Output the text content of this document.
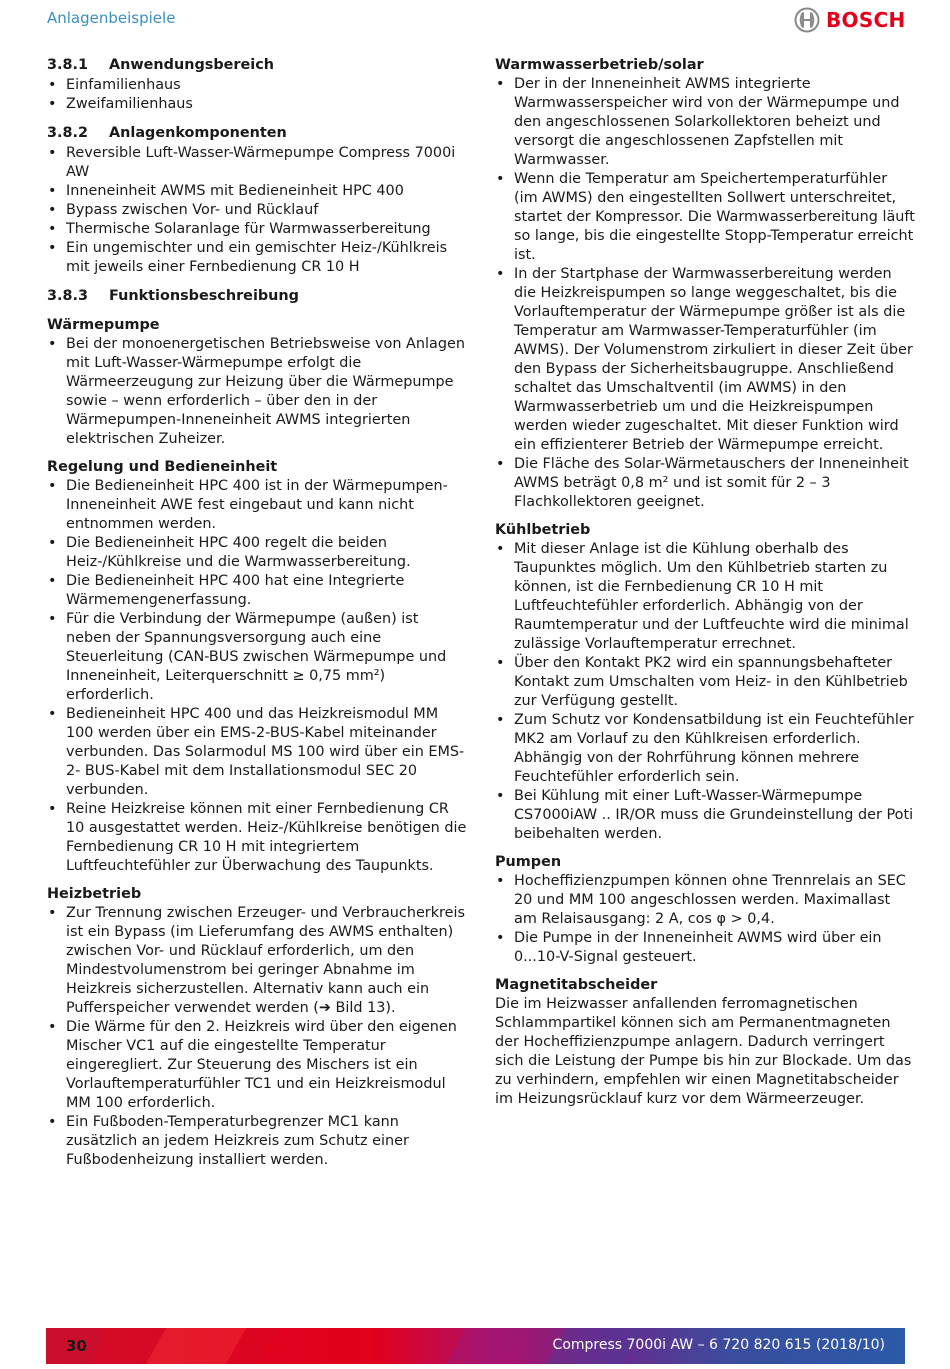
Anlagenbeispiele	BOSCH
3.8.1	Anwendungsbereich
• Einfamilienhaus
• Zweifamilienhaus
3.8.2	Anlagenkomponenten
• Reversible Luft-Wasser-Wärmepumpe Compress 7000i AW
• Inneneinheit AWMS mit Bedieneinheit HPC 400
• Bypass zwischen Vor- und Rücklauf
• Thermische Solaranlage für Warmwasserbereitung
• Ein ungemischter und ein gemischter Heiz-/Kühlkreis mit jeweils einer Fernbedienung CR 10 H
3.8.3	Funktionsbeschreibung

Wärmepumpe

• Bei der monoenergetischen Betriebsweise von Anlagen mit Luft-Wasser-Wärmepumpe erfolgt die Wärmeerzeugung zur Heizung über die Wärmepumpe sowie – wenn erforderlich – über den in der Wärmepumpen-Inneneinheit AWMS integrierten elektrischen Zuheizer.

Regelung und Bedieneinheit

• Die Bedieneinheit HPC 400 ist in der Wärmepumpen-Inneneinheit AWE fest eingebaut und kann nicht entnommen werden.
• Die Bedieneinheit HPC 400 regelt die beiden Heiz-/Kühlkreise und die Warmwasserbereitung.
• Die Bedieneinheit HPC 400 hat eine Integrierte Wärmemengenerfassung.
• Für die Verbindung der Wärmepumpe (außen) ist neben der Spannungsversorgung auch eine Steuerleitung (CAN-BUS zwischen Wärmepumpe und Inneneinheit, Leiterquerschnitt ≥ 0,75 mm²) erforderlich.
• Bedieneinheit HPC 400 und das Heizkreismodul MM 100 werden über ein EMS-2-BUS-Kabel miteinander verbunden. Das Solarmodul MS 100 wird über ein EMS-2- BUS-Kabel mit dem Installationsmodul SEC 20 verbunden.
• Reine Heizkreise können mit einer Fernbedienung CR 10 ausgestattet werden. Heiz-/Kühlkreise benötigen die Fernbedienung CR 10 H mit integriertem Luftfeuchtefühler zur Überwachung des Taupunkts.

Heizbetrieb

• Zur Trennung zwischen Erzeuger- und Verbraucherkreis ist ein Bypass (im Lieferumfang des AWMS enthalten) zwischen Vor- und Rücklauf erforderlich, um den Mindestvolumenstrom bei geringer Abnahme im Heizkreis sicherzustellen. Alternativ kann auch ein Pufferspeicher verwendet werden (➔ Bild 13).
• Die Wärme für den 2. Heizkreis wird über den eigenen Mischer VC1 auf die eingestellte Temperatur eingeregliert. Zur Steuerung des Mischers ist ein Vorlauftemperaturfühler TC1 und ein Heizkreismodul MM 100 erforderlich.
• Ein Fußboden-Temperaturbegrenzer MC1 kann zusätzlich an jedem Heizkreis zum Schutz einer Fußbodenheizung installiert werden.

Warmwasserbetrieb/solar

• Der in der Inneneinheit AWMS integrierte Warmwasserspeicher wird von der Wärmepumpe und den angeschlossenen Solarkollektoren beheizt und versorgt die angeschlossenen Zapfstellen mit Warmwasser.
• Wenn die Temperatur am Speichertemperaturfühler (im AWMS) den eingestellten Sollwert unterschreitet, startet der Kompressor. Die Warmwasserbereitung läuft so lange, bis die eingestellte Stopp-Temperatur erreicht ist.
• In der Startphase der Warmwasserbereitung werden die Heizkreispumpen so lange weggeschaltet, bis die Vorlauftemperatur der Wärmepumpe größer ist als die Temperatur am Warmwasser-Temperaturfühler (im AWMS). Der Volumenstrom zirkuliert in dieser Zeit über den Bypass der Sicherheitsbaugruppe. Anschließend schaltet das Umschaltventil (im AWMS) in den Warmwasserbetrieb um und die Heizkreispumpen werden wieder zugeschaltet. Mit dieser Funktion wird ein effizienterer Betrieb der Wärmepumpe erreicht.
• Die Fläche des Solar-Wärmetauschers der Inneneinheit AWMS beträgt 0,8 m² und ist somit für 2 – 3 Flachkollektoren geeignet.

Kühlbetrieb

• Mit dieser Anlage ist die Kühlung oberhalb des Taupunktes möglich. Um den Kühlbetrieb starten zu können, ist die Fernbedienung CR 10 H mit Luftfeuchtefühler erforderlich. Abhängig von der Raumtemperatur und der Luftfeuchte wird die minimal zulässige Vorlauftemperatur errechnet.
• Über den Kontakt PK2 wird ein spannungsbehafteter Kontakt zum Umschalten vom Heiz- in den Kühlbetrieb zur Verfügung gestellt.
• Zum Schutz vor Kondensatbildung ist ein Feuchtefühler MK2 am Vorlauf zu den Kühlkreisen erforderlich. Abhängig von der Rohrführung können mehrere Feuchtefühler erforderlich sein.
• Bei Kühlung mit einer Luft-Wasser-Wärmepumpe CS7000iAW .. IR/OR muss die Grundeinstellung der Poti beibehalten werden.

Pumpen

• Hocheffizienzpumpen können ohne Trennrelais an SEC 20 und MM 100 angeschlossen werden. Maximallast am Relaisausgang: 2 A, cos φ > 0,4.
• Die Pumpe in der Inneneinheit AWMS wird über ein 0...10-V-Signal gesteuert.

Magnetitabscheider

Die im Heizwasser anfallenden ferromagnetischen Schlammpartikel können sich am Permanentmagneten der Hocheffizienzpumpe anlagern. Dadurch verringert sich die Leistung der Pumpe bis hin zur Blockade. Um das zu verhindern, empfehlen wir einen Magnetitabscheider im Heizungsrücklauf kurz vor dem Wärmeerzeuger.

30	Compress 7000i AW – 6 720 820 615 (2018/10)
